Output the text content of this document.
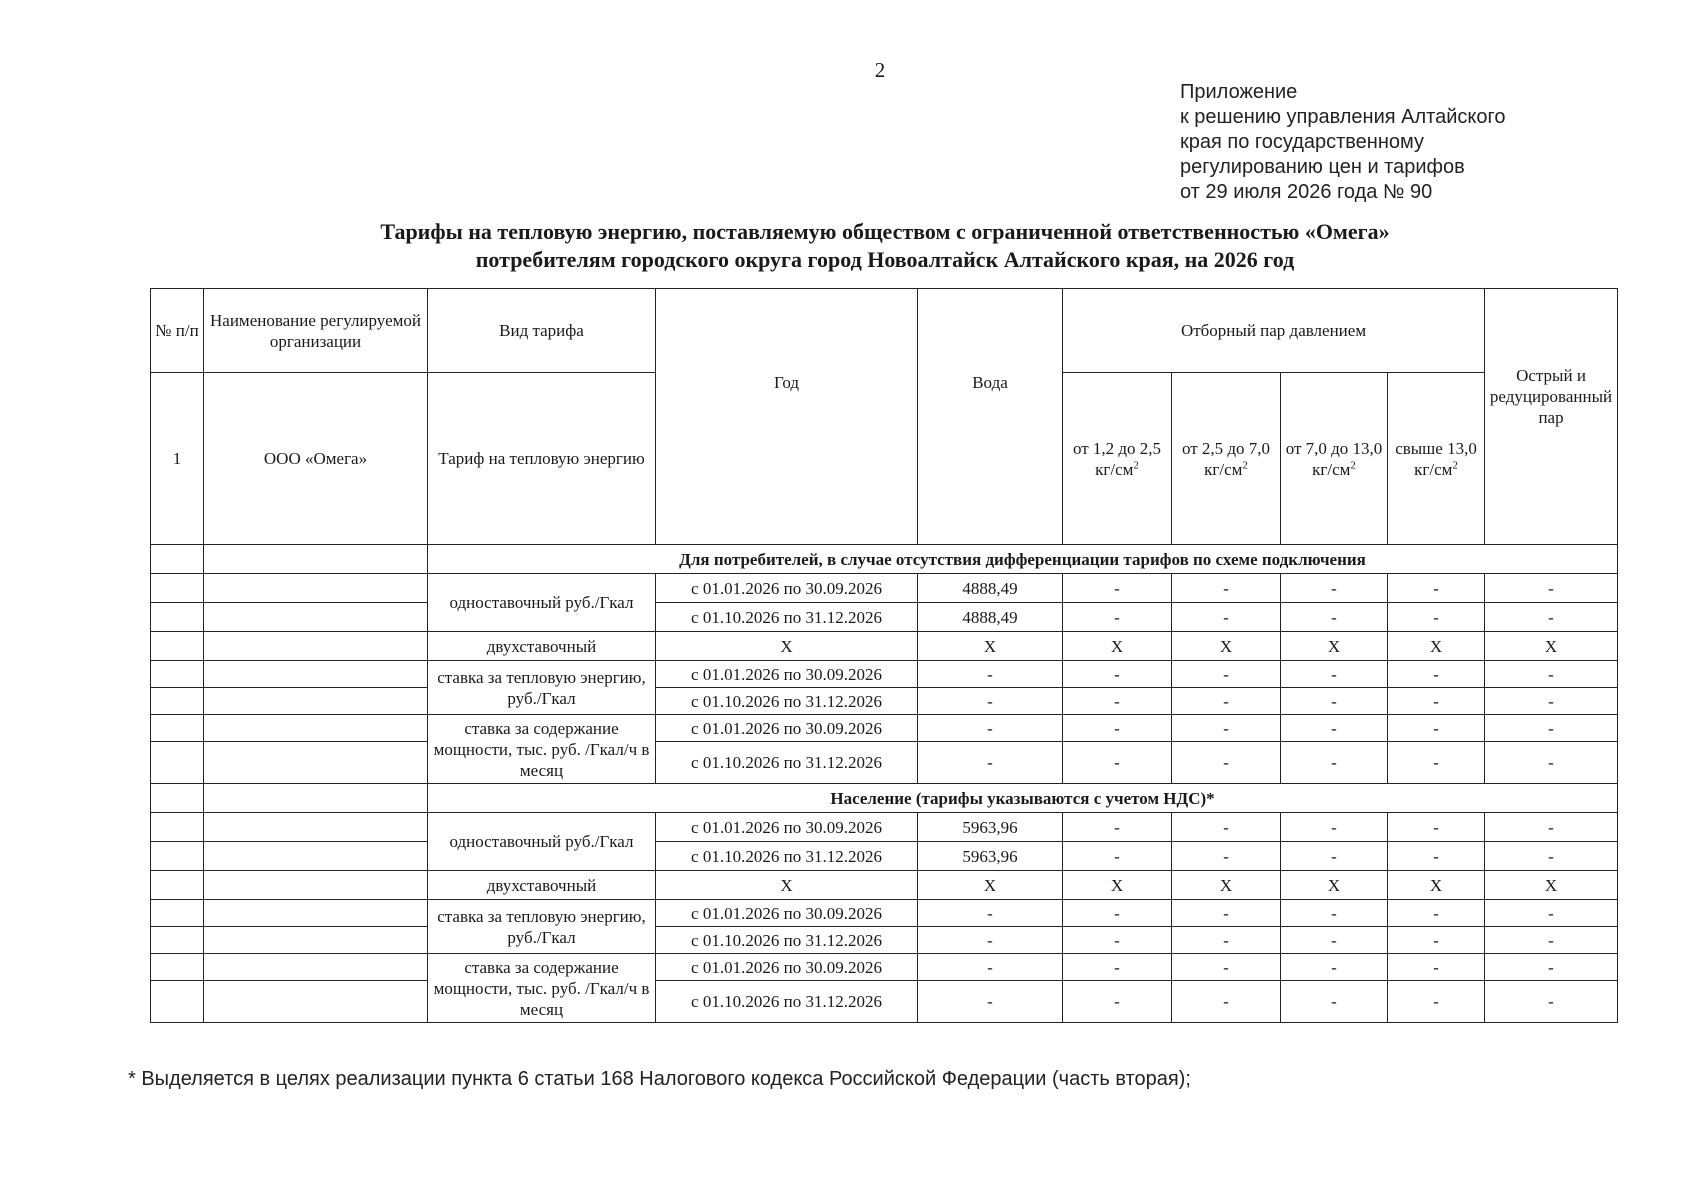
2
Приложение
к решению управления Алтайского
края по государственному
регулированию цен и тарифов
от 29 июля 2026 года № 90
Тарифы на тепловую энергию, поставляемую обществом с ограниченной ответственностью «Омега»
потребителям городского округа город Новоалтайск Алтайского края, на 2026 год
№ п/п	Наименование регулируемой организации	Вид тарифа	Год	Вода	Отборный пар давлением				Острый и редуцированный пар

1	ООО «Омега»	Тариф на тепловую энергию			от 1,2 до 2,5 $кг/см^2$	от 2,5 до 7,0 $кг/см^2$	от 7,0 до 13,0 $кг/см^2$	свыше 13,0 $кг/см^2$
		Для потребителей, в случае отсутствия дифференциации тарифов по схеме подключения							
		одноставочный руб./Гкал	с 01.01.2026 по 30.09.2026	4888,49	-	-	-	-	-
			с 01.10.2026 по 31.12.2026	4888,49	-	-	-	-	-
		двухставочный	X	X	X	X	X	X	X
		ставка за тепловую энергию, руб./Гкал	с 01.01.2026 по 30.09.2026	-	-	-	-	-	-
			с 01.10.2026 по 31.12.2026	-	-	-	-	-	-
		ставка за содержание мощности, тыс. руб. /Гкал/ч в месяц	с 01.01.2026 по 30.09.2026	-	-	-	-	-	-
			с 01.10.2026 по 31.12.2026	-	-	-	-	-	-
		Население (тарифы указываются с учетом НДС)*							
		одноставочный руб./Гкал	с 01.01.2026 по 30.09.2026	5963,96	-	-	-	-	-
			с 01.10.2026 по 31.12.2026	5963,96	-	-	-	-	-
		двухставочный	X	X	X	X	X	X	X
		ставка за тепловую энергию, руб./Гкал	с 01.01.2026 по 30.09.2026	-	-	-	-	-	-
			с 01.10.2026 по 31.12.2026	-	-	-	-	-	-
		ставка за содержание мощности, тыс. руб. /Гкал/ч в месяц	с 01.01.2026 по 30.09.2026	-	-	-	-	-	-
			с 01.10.2026 по 31.12.2026	-	-	-	-	-	-
* Выделяется в целях реализации пункта 6 статьи 168 Налогового кодекса Российской Федерации (часть вторая);
